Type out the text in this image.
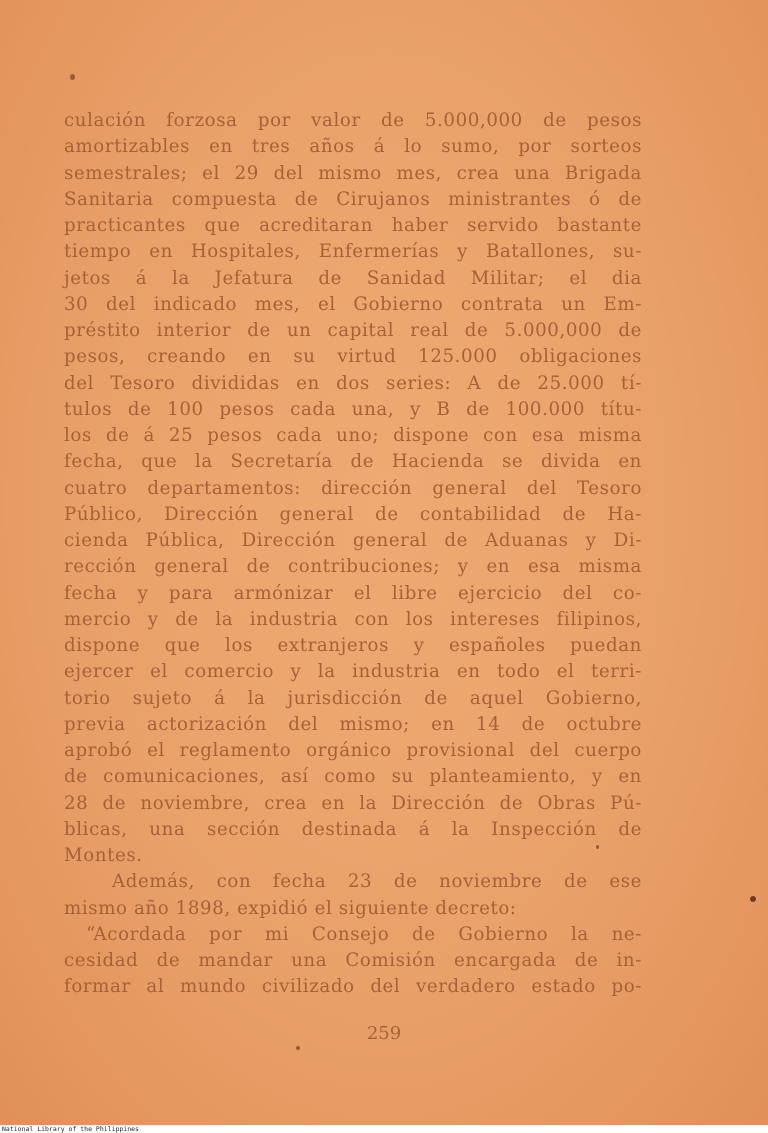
culación forzosa por valor de 5.000,000 de pesos
amortizables en tres años á lo sumo, por sorteos
semestrales; el 29 del mismo mes, crea una Brigada
Sanitaria compuesta de Cirujanos ministrantes ó de
practicantes que acreditaran haber servido bastante
tiempo en Hospitales, Enfermerías y Batallones, su-
jetos á la Jefatura de Sanidad Militar; el dia
30 del indicado mes, el Gobierno contrata un Em-
préstito interior de un capital real de 5.000,000 de
pesos, creando en su virtud 125.000 obligaciones
del Tesoro divididas en dos series: A de 25.000 tí-
tulos de 100 pesos cada una, y B de 100.000 títu-
los de á 25 pesos cada uno; dispone con esa misma
fecha, que la Secretaría de Hacienda se divida en
cuatro departamentos: dirección general del Tesoro
Público, Dirección general de contabilidad de Ha-
cienda Pública, Dirección general de Aduanas y Di-
rección general de contribuciones; y en esa misma
fecha y para armónizar el libre ejercicio del co-
mercio y de la industria con los intereses filipinos,
dispone que los extranjeros y españoles puedan
ejercer el comercio y la industria en todo el terri-
torio sujeto á la jurisdicción de aquel Gobierno,
previa actorización del mismo; en 14 de octubre
aprobó el reglamento orgánico provisional del cuerpo
de comunicaciones, así como su planteamiento, y en
28 de noviembre, crea en la Dirección de Obras Pú-
blicas, una sección destinada á la Inspección de
Montes.
Además, con fecha 23 de noviembre de ese
mismo año 1898, expidió el siguiente decreto:
“Acordada por mi Consejo de Gobierno la ne-
cesidad de mandar una Comisión encargada de in-
formar al mundo civilizado del verdadero estado po-
259
National Library of the Philippines
